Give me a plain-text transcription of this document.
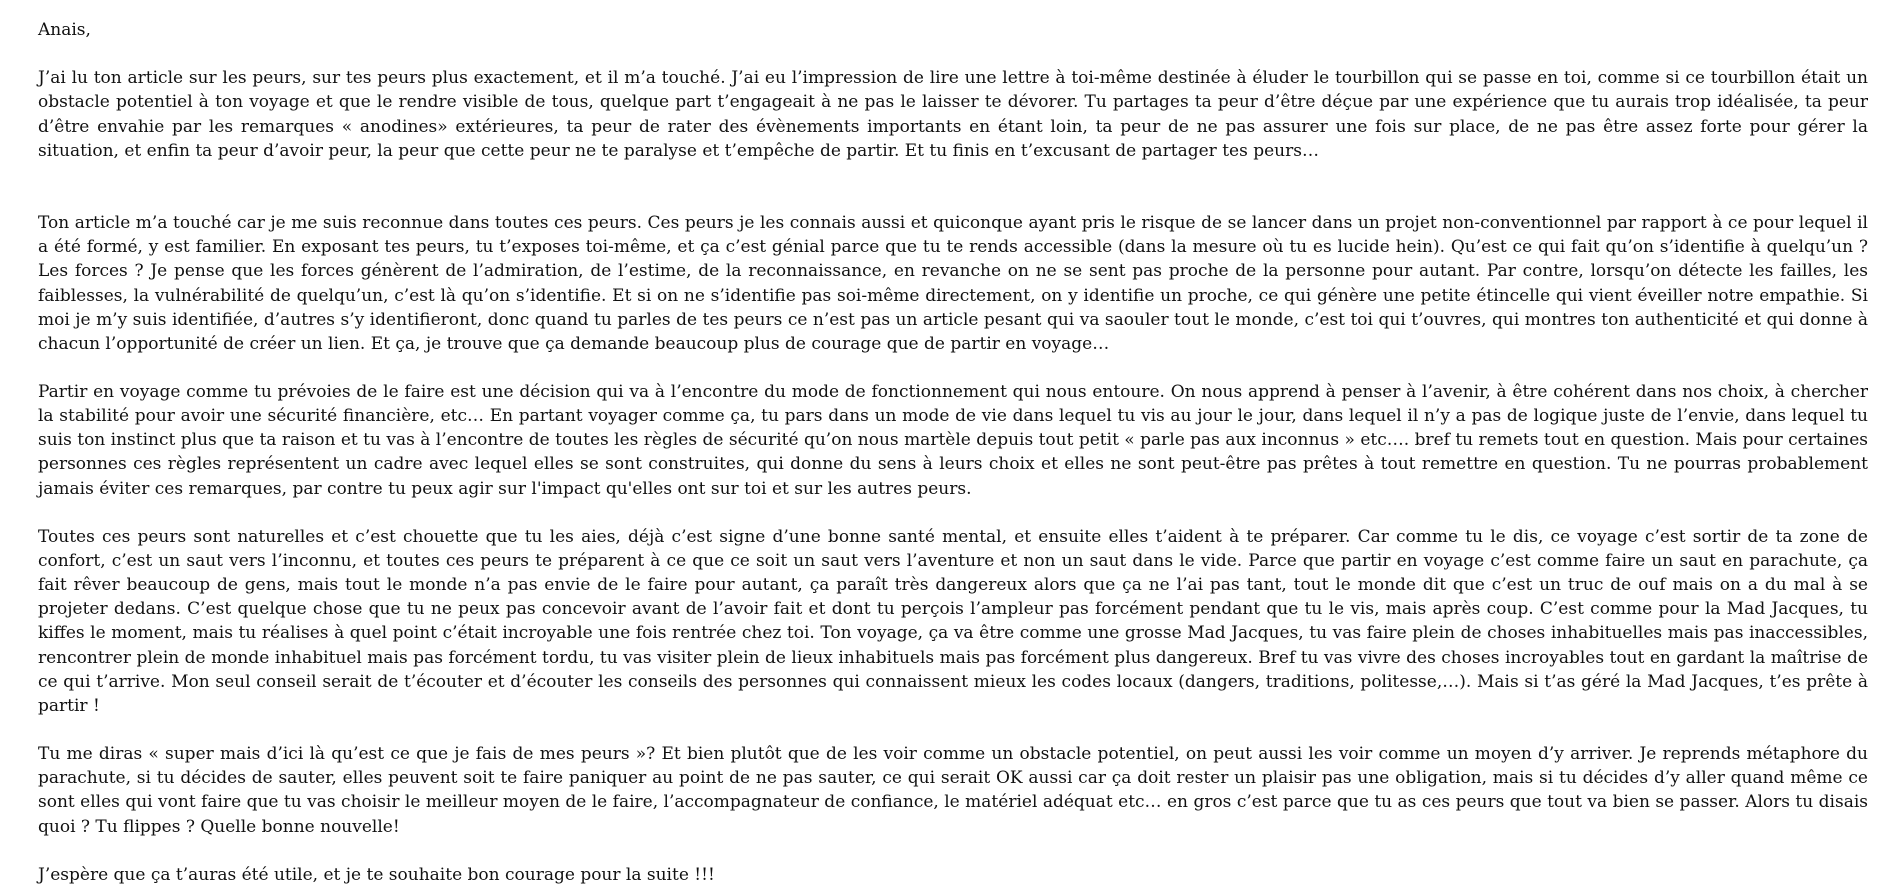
Anais,

J’ai lu ton article sur les peurs, sur tes peurs plus exactement, et il m’a touché. J’ai eu l’impression de lire une lettre à toi-même destinée à éluder le tourbillon qui se passe en toi, comme si ce tourbillon était un obstacle potentiel à ton voyage et que le rendre visible de tous, quelque part t’engageait à ne pas le laisser te dévorer. Tu partages ta peur d’être déçue par une expérience que tu aurais trop idéalisée, ta peur d’être envahie par les remarques « anodines» extérieures, ta peur de rater des évènements importants en étant loin, ta peur de ne pas assurer une fois sur place, de ne pas être assez forte pour gérer la situation, et enfin ta peur d’avoir peur, la peur que cette peur ne te paralyse et t’empêche de partir. Et tu finis en t’excusant de partager tes peurs…

Ton article m’a touché car je me suis reconnue dans toutes ces peurs. Ces peurs je les connais aussi et quiconque ayant pris le risque de se lancer dans un projet non-conventionnel par rapport à ce pour lequel il a été formé, y est familier. En exposant tes peurs, tu t’exposes toi-même, et ça c’est génial parce que tu te rends accessible (dans la mesure où tu es lucide hein). Qu’est ce qui fait qu’on s’identifie à quelqu’un ? Les forces ? Je pense que les forces génèrent de l’admiration, de l’estime, de la reconnaissance, en revanche on ne se sent pas proche de la personne pour autant. Par contre, lorsqu’on détecte les failles, les faiblesses, la vulnérabilité de quelqu’un, c’est là qu’on s’identifie. Et si on ne s’identifie pas soi-même directement, on y identifie un proche, ce qui génère une petite étincelle qui vient éveiller notre empathie. Si moi je m’y suis identifiée, d’autres s’y identifieront, donc quand tu parles de tes peurs ce n’est pas un article pesant qui va saouler tout le monde, c’est toi qui t’ouvres, qui montres ton authenticité et qui donne à chacun l’opportunité de créer un lien. Et ça, je trouve que ça demande beaucoup plus de courage que de partir en voyage…

Partir en voyage comme tu prévoies de le faire est une décision qui va à l’encontre du mode de fonctionnement qui nous entoure. On nous apprend à penser à l’avenir, à être cohérent dans nos choix, à chercher la stabilité pour avoir une sécurité financière, etc… En partant voyager comme ça, tu pars dans un mode de vie dans lequel tu vis au jour le jour, dans lequel il n’y a pas de logique juste de l’envie, dans lequel tu suis ton instinct plus que ta raison et tu vas à l’encontre de toutes les règles de sécurité qu’on nous martèle depuis tout petit « parle pas aux inconnus » etc…. bref tu remets tout en question. Mais pour certaines personnes ces règles représentent un cadre avec lequel elles se sont construites, qui donne du sens à leurs choix et elles ne sont peut-être pas prêtes à tout remettre en question. Tu ne pourras probablement jamais éviter ces remarques, par contre tu peux agir sur l'impact qu'elles ont sur toi et sur les autres peurs.

Toutes ces peurs sont naturelles et c’est chouette que tu les aies, déjà c’est signe d’une bonne santé mental, et ensuite elles t’aident à te préparer. Car comme tu le dis, ce voyage c’est sortir de ta zone de confort, c’est un saut vers l’inconnu, et toutes ces peurs te préparent à ce que ce soit un saut vers l’aventure et non un saut dans le vide. Parce que partir en voyage c’est comme faire un saut en parachute, ça fait rêver beaucoup de gens, mais tout le monde n’a pas envie de le faire pour autant, ça paraît très dangereux alors que ça ne l’ai pas tant, tout le monde dit que c’est un truc de ouf mais on a du mal à se projeter dedans. C’est quelque chose que tu ne peux pas concevoir avant de l’avoir fait et dont tu perçois l’ampleur pas forcément pendant que tu le vis, mais après coup. C’est comme pour la Mad Jacques, tu kiffes le moment, mais tu réalises à quel point c’était incroyable une fois rentrée chez toi. Ton voyage, ça va être comme une grosse Mad Jacques, tu vas faire plein de choses inhabituelles mais pas inaccessibles, rencontrer plein de monde inhabituel mais pas forcément tordu, tu vas visiter plein de lieux inhabituels mais pas forcément plus dangereux. Bref tu vas vivre des choses incroyables tout en gardant la maîtrise de ce qui t’arrive. Mon seul conseil serait de t’écouter et d’écouter les conseils des personnes qui connaissent mieux les codes locaux (dangers, traditions, politesse,…). Mais si t’as géré la Mad Jacques, t’es prête à partir !

Tu me diras « super mais d’ici là qu’est ce que je fais de mes peurs »? Et bien plutôt que de les voir comme un obstacle potentiel, on peut aussi les voir comme un moyen d’y arriver. Je reprends métaphore du parachute, si tu décides de sauter, elles peuvent soit te faire paniquer au point de ne pas sauter, ce qui serait OK aussi car ça doit rester un plaisir pas une obligation, mais si tu décides d’y aller quand même ce sont elles qui vont faire que tu vas choisir le meilleur moyen de le faire, l’accompagnateur de confiance, le matériel adéquat etc… en gros c’est parce que tu as ces peurs que tout va bien se passer. Alors tu disais quoi ? Tu flippes ? Quelle bonne nouvelle!

J’espère que ça t’auras été utile, et je te souhaite bon courage pour la suite !!!
